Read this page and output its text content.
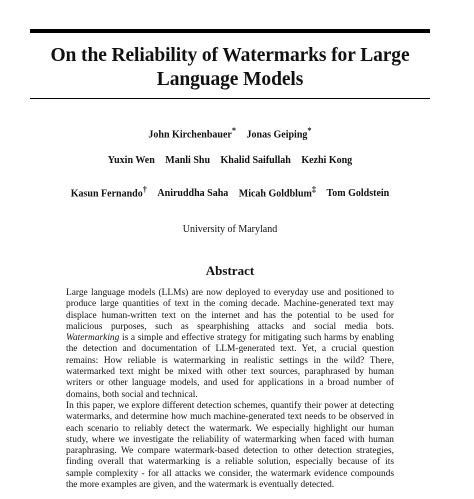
On the Reliability of Watermarks for Large Language Models
John Kirchenbauer* Jonas Geiping*
Yuxin Wen Manli Shu Khalid Saifullah Kezhi Kong
Kasun Fernando† Aniruddha Saha Micah Goldblum‡ Tom Goldstein
University of Maryland
Abstract

Large language models (LLMs) are now deployed to everyday use and positioned to produce large quantities of text in the coming decade. Machine-generated text may displace human-written text on the internet and has the potential to be used for malicious purposes, such as spearphishing attacks and social media bots. Watermarking is a simple and effective strategy for mitigating such harms by enabling the detection and documentation of LLM-generated text. Yet, a crucial question remains: How reliable is watermarking in realistic settings in the wild? There, watermarked text might be mixed with other text sources, paraphrased by human writers or other language models, and used for applications in a broad number of domains, both social and technical.

In this paper, we explore different detection schemes, quantify their power at detecting watermarks, and determine how much machine-generated text needs to be observed in each scenario to reliably detect the watermark. We especially highlight our human study, where we investigate the reliability of watermarking when faced with human paraphrasing. We compare watermark-based detection to other detection strategies, finding overall that watermarking is a reliable solution, especially because of its sample complexity - for all attacks we consider, the watermark evidence compounds the more examples are given, and the watermark is eventually detected.
